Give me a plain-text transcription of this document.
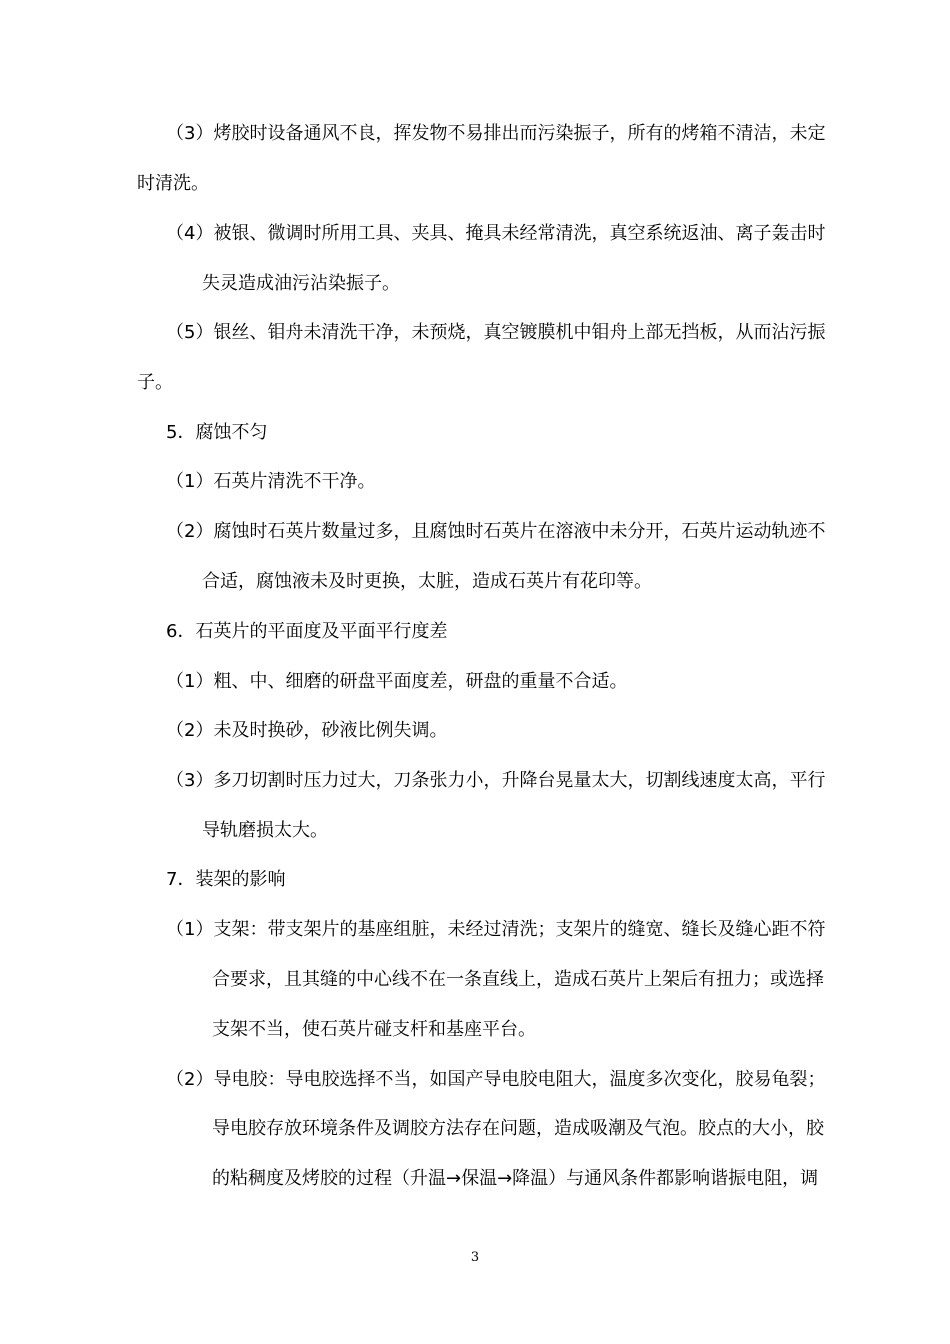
（3）烤胶时设备通风不良，挥发物不易排出而污染振子，所有的烤箱不清洁，未定
时清洗。
（4）被银、微调时所用工具、夹具、掩具未经常清洗，真空系统返油、离子轰击时
失灵造成油污沾染振子。
（5）银丝、钼舟未清洗干净，未预烧，真空镀膜机中钼舟上部无挡板，从而沾污振
子。
5．腐蚀不匀
（1）石英片清洗不干净。
（2）腐蚀时石英片数量过多，且腐蚀时石英片在溶液中未分开，石英片运动轨迹不
合适，腐蚀液未及时更换，太脏，造成石英片有花印等。
6．石英片的平面度及平面平行度差
（1）粗、中、细磨的研盘平面度差，研盘的重量不合适。
（2）未及时换砂，砂液比例失调。
（3）多刀切割时压力过大，刀条张力小，升降台晃量太大，切割线速度太高，平行
导轨磨损太大。
7．装架的影响
（1）支架：带支架片的基座组脏，未经过清洗；支架片的缝宽、缝长及缝心距不符
合要求，且其缝的中心线不在一条直线上，造成石英片上架后有扭力；或选择
支架不当，使石英片碰支杆和基座平台。
（2）导电胶：导电胶选择不当，如国产导电胶电阻大，温度多次变化，胶易龟裂；
导电胶存放环境条件及调胶方法存在问题，造成吸潮及气泡。胶点的大小，胶
的粘稠度及烤胶的过程（升温→保温→降温）与通风条件都影响谐振电阻，调
3
